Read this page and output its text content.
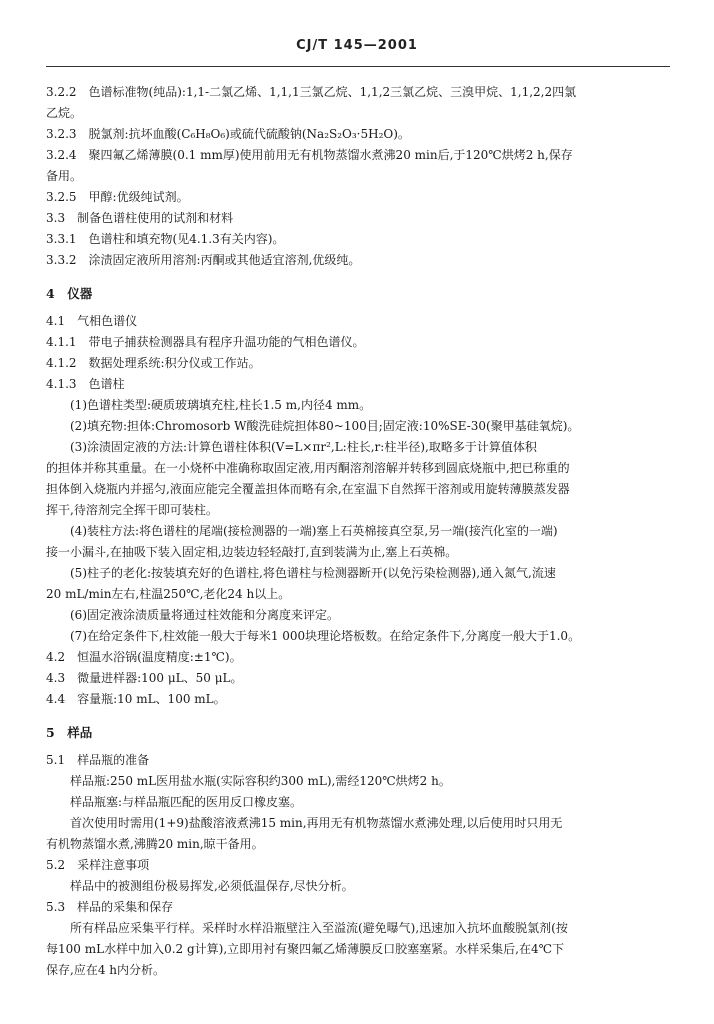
CJ/T 145—2001
3.2.2　色谱标准物(纯品):1,1-二氯乙烯、1,1,1三氯乙烷、1,1,2三氯乙烷、三溴甲烷、1,1,2,2四氯
乙烷。
3.2.3　脱氯剂:抗坏血酸(C₆H₈O₆)或硫代硫酸钠(Na₂S₂O₃·5H₂O)。
3.2.4　聚四氟乙烯薄膜(0.1 mm厚)使用前用无有机物蒸馏水煮沸20 min后,于120℃烘烤2 h,保存
备用。
3.2.5　甲醇:优级纯试剂。
3.3　制备色谱柱使用的试剂和材料
3.3.1　色谱柱和填充物(见4.1.3有关内容)。
3.3.2　涂渍固定液所用溶剂:丙酮或其他适宜溶剂,优级纯。
4　仪器
4.1　气相色谱仪
4.1.1　带电子捕获检测器具有程序升温功能的气相色谱仪。
4.1.2　数据处理系统:积分仪或工作站。
4.1.3　色谱柱
(1)色谱柱类型:硬质玻璃填充柱,柱长1.5 m,内径4 mm。
(2)填充物:担体:Chromosorb W酸洗硅烷担体80~100目;固定液:10%SE-30(聚甲基硅氧烷)。
(3)涂渍固定液的方法:计算色谱柱体积(V=L×πr²,L:柱长,r:柱半径),取略多于计算值体积
的担体并称其重量。在一小烧杯中准确称取固定液,用丙酮溶剂溶解并转移到圆底烧瓶中,把已称重的
担体倒入烧瓶内并摇匀,液面应能完全覆盖担体而略有余,在室温下自然挥干溶剂或用旋转薄膜蒸发器
挥干,待溶剂完全挥干即可装柱。
(4)装柱方法:将色谱柱的尾端(接检测器的一端)塞上石英棉接真空泵,另一端(接汽化室的一端)
接一小漏斗,在抽吸下装入固定相,边装边轻轻敲打,直到装满为止,塞上石英棉。
(5)柱子的老化:按装填充好的色谱柱,将色谱柱与检测器断开(以免污染检测器),通入氮气,流速
20 mL/min左右,柱温250℃,老化24 h以上。
(6)固定液涂渍质量将通过柱效能和分离度来评定。
(7)在给定条件下,柱效能一般大于每米1 000块理论塔板数。在给定条件下,分离度一般大于1.0。
4.2　恒温水浴锅(温度精度:±1℃)。
4.3　微量进样器:100 μL、50 μL。
4.4　容量瓶:10 mL、100 mL。
5　样品
5.1　样品瓶的准备
样品瓶:250 mL医用盐水瓶(实际容积约300 mL),需经120℃烘烤2 h。
样品瓶塞:与样品瓶匹配的医用反口橡皮塞。
首次使用时需用(1+9)盐酸溶液煮沸15 min,再用无有机物蒸馏水煮沸处理,以后使用时只用无
有机物蒸馏水煮,沸腾20 min,晾干备用。
5.2　采样注意事项
样品中的被测组份极易挥发,必须低温保存,尽快分析。
5.3　样品的采集和保存
所有样品应采集平行样。采样时水样沿瓶壁注入至溢流(避免曝气),迅速加入抗坏血酸脱氯剂(按
每100 mL水样中加入0.2 g计算),立即用衬有聚四氟乙烯薄膜反口胶塞塞紧。水样采集后,在4℃下
保存,应在4 h内分析。
